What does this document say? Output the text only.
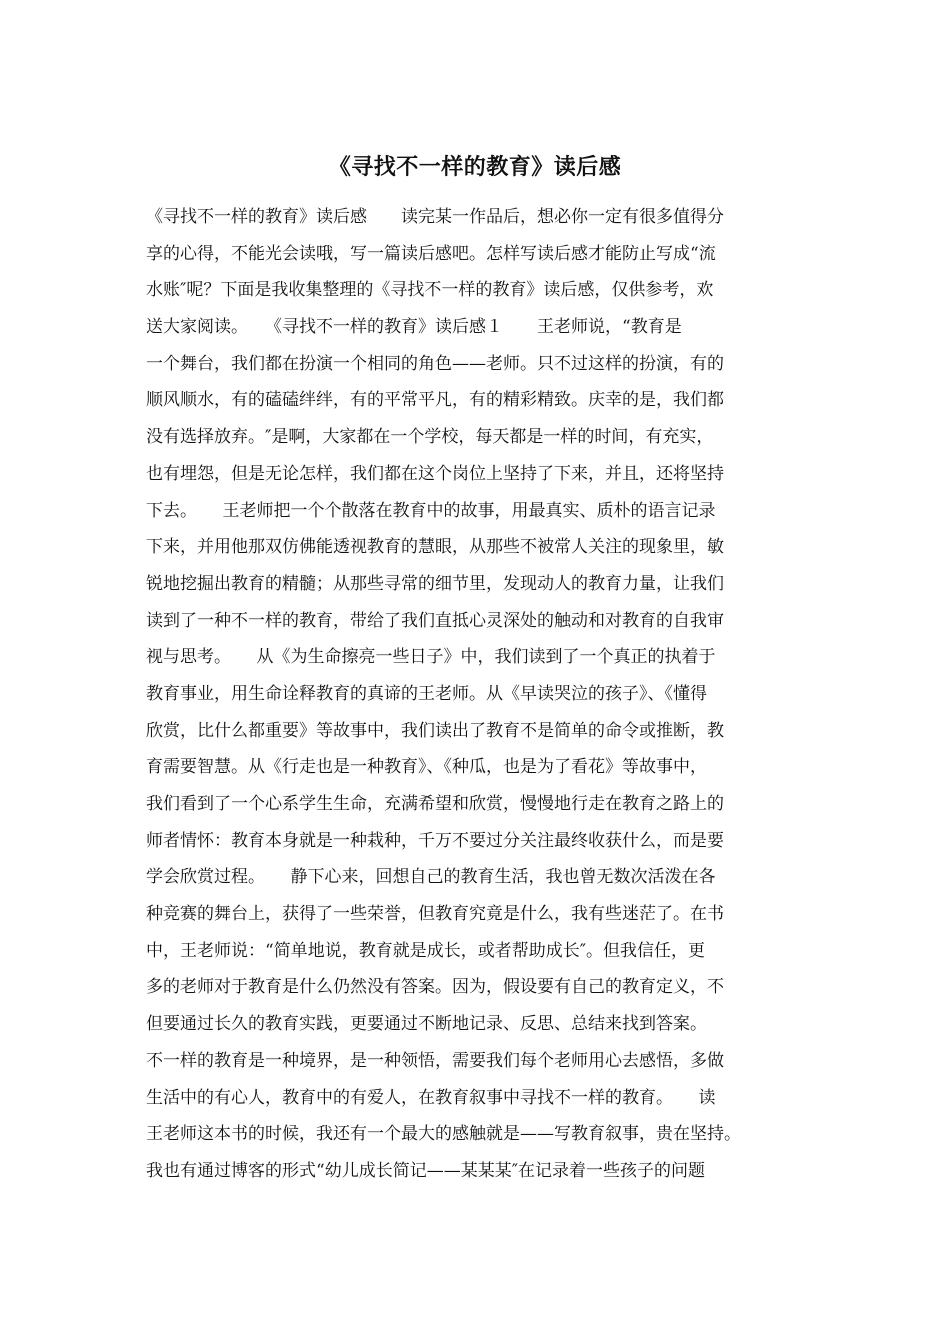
《寻找不一样的教育》读后感
《寻找不一样的教育》读后感　　读完某一作品后，想必你一定有很多值得分
享的心得，不能光会读哦，写一篇读后感吧。怎样写读后感才能防止写成“流
水账″呢？下面是我收集整理的《寻找不一样的教育》读后感，仅供参考，欢
送大家阅读。　　《寻找不一样的教育》读后感１　　王老师说，“教育是
一个舞台，我们都在扮演一个相同的角色——老师。只不过这样的扮演，有的
顺风顺水，有的磕磕绊绊，有的平常平凡，有的精彩精致。庆幸的是，我们都
没有选择放弃。″是啊，大家都在一个学校，每天都是一样的时间，有充实，
也有埋怨，但是无论怎样，我们都在这个岗位上坚持了下来，并且，还将坚持
下去。　　王老师把一个个散落在教育中的故事，用最真实、质朴的语言记录
下来，并用他那双仿佛能透视教育的慧眼，从那些不被常人关注的现象里，敏
锐地挖掘出教育的精髓；从那些寻常的细节里，发现动人的教育力量，让我们
读到了一种不一样的教育，带给了我们直抵心灵深处的触动和对教育的自我审
视与思考。　　从《为生命擦亮一些日子》中，我们读到了一个真正的执着于
教育事业，用生命诠释教育的真谛的王老师。从《早读哭泣的孩子》、《懂得
欣赏，比什么都重要》等故事中，我们读出了教育不是简单的命令或推断，教
育需要智慧。从《行走也是一种教育》、《种瓜，也是为了看花》等故事中，
我们看到了一个心系学生生命，充满希望和欣赏，慢慢地行走在教育之路上的
师者情怀：教育本身就是一种栽种，千万不要过分关注最终收获什么，而是要
学会欣赏过程。　　静下心来，回想自己的教育生活，我也曾无数次活泼在各
种竞赛的舞台上，获得了一些荣誉，但教育究竟是什么，我有些迷茫了。在书
中，王老师说：“简单地说，教育就是成长，或者帮助成长″。但我信任，更
多的老师对于教育是什么仍然没有答案。因为，假设要有自己的教育定义，不
但要通过长久的教育实践，更要通过不断地记录、反思、总结来找到答案。
不一样的教育是一种境界，是一种领悟，需要我们每个老师用心去感悟，多做
生活中的有心人，教育中的有爱人，在教育叙事中寻找不一样的教育。　　读
王老师这本书的时候，我还有一个最大的感触就是——写教育叙事，贵在坚持。
我也有通过博客的形式“幼儿成长简记——某某某″在记录着一些孩子的问题
